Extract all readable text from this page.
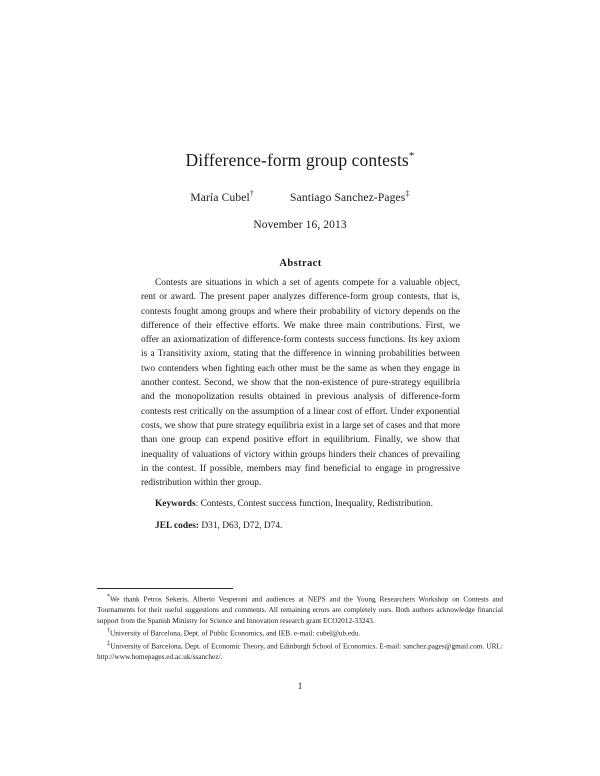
Difference-form group contests*
María Cubel†	Santiago Sanchez-Pages‡
November 16, 2013
Abstract

Contests are situations in which a set of agents compete for a valuable object, rent or award. The present paper analyzes difference-form group contests, that is, contests fought among groups and where their probability of victory depends on the difference of their effective efforts. We make three main contributions. First, we offer an axiomatization of difference-form contests success functions. Its key axiom is a Transitivity axiom, stating that the difference in winning probabilities between two contenders when fighting each other must be the same as when they engage in another contest. Second, we show that the non-existence of pure-strategy equilibria and the monopolization results obtained in previous analysis of difference-form contests rest critically on the assumption of a linear cost of effort. Under exponential costs, we show that pure strategy equilibria exist in a large set of cases and that more than one group can expend positive effort in equilibrium. Finally, we show that inequality of valuations of victory within groups hinders their chances of prevailing in the contest. If possible, members may find beneficial to engage in progressive redistribution within ther group.

Keywords: Contests, Contest success function, Inequality, Redistribution.

JEL codes: D31, D63, D72, D74.

*We thank Petros Sekeris, Alberto Vesperoni and audiences at NEPS and the Young Researchers Workshop on Contests and Tournaments for their useful suggestions and comments. All remaining errors are completely ours. Both authors acknowledge financial support from the Spanish Ministry for Science and Innovation research grant ECO2012-33243.

†University of Barcelona, Dept. of Public Economics, and IEB. e-mail: cubel@ub.edu.

‡University of Barcelona, Dept. of Economic Theory, and Edinburgh School of Economics. E-mail: sanchez.pages@gmail.com. URL: http://www.homepages.ed.ac.uk/ssanchez/.

1
